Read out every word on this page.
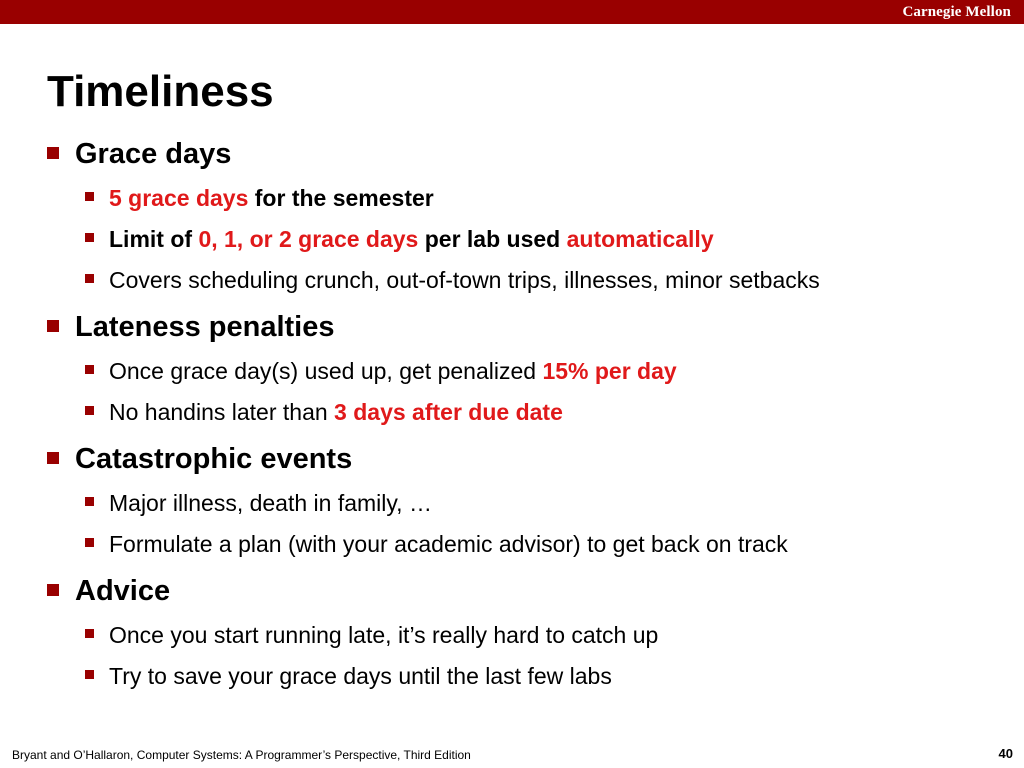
Carnegie Mellon
Timeliness
Grace days
5 grace days for the semester
Limit of 0, 1, or 2 grace days per lab used automatically
Covers scheduling crunch, out-of-town trips, illnesses, minor setbacks
Lateness penalties
Once grace day(s) used up, get penalized 15% per day
No handins later than 3 days after due date
Catastrophic events
Major illness, death in family, …
Formulate a plan (with your academic advisor) to get back on track
Advice
Once you start running late, it’s really hard to catch up
Try to save your grace days until the last few labs
Bryant and O’Hallaron, Computer Systems: A Programmer’s Perspective, Third Edition	40
